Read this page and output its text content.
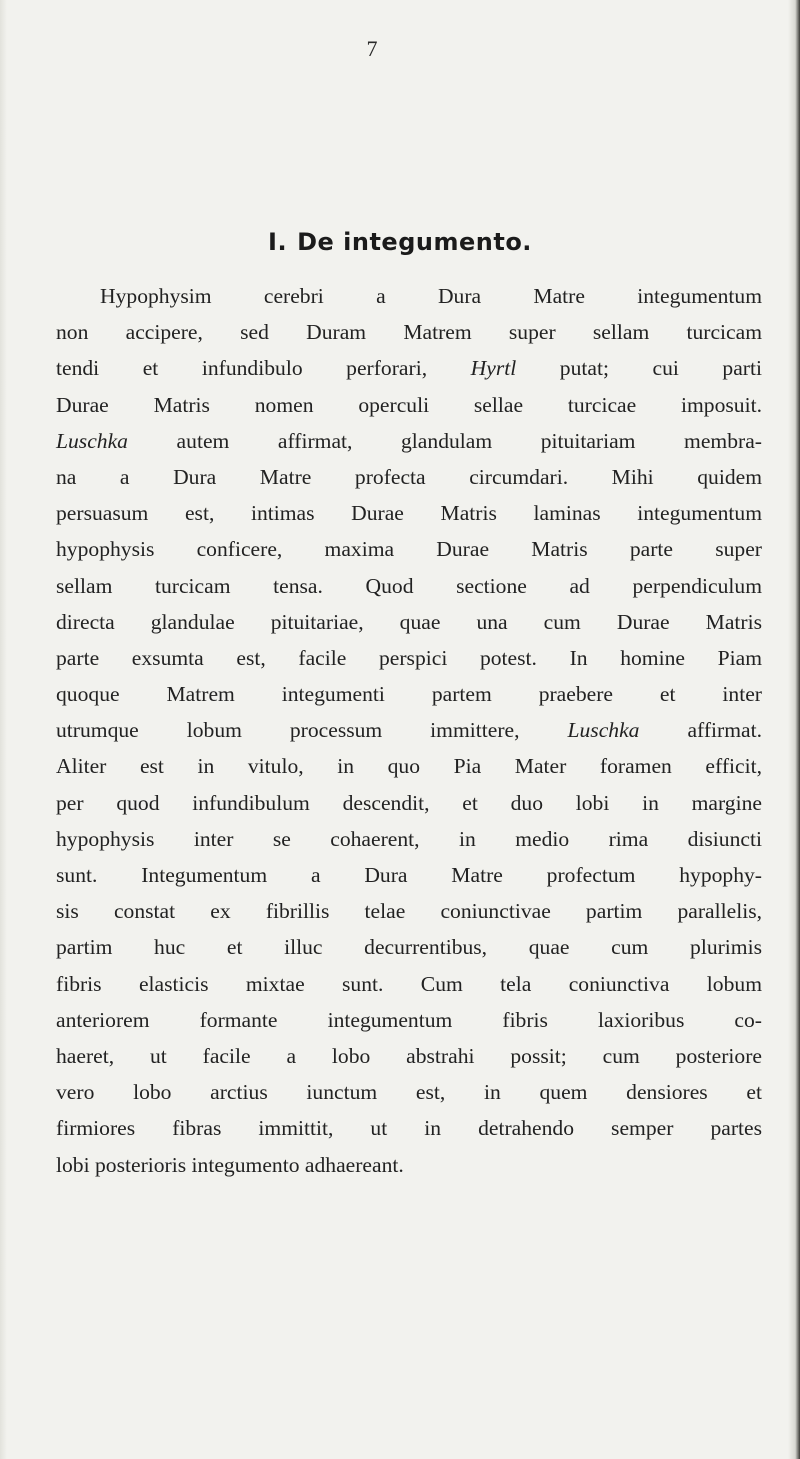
7
I. De integumento.
Hypophysim cerebri a Dura Matre integumentum
non accipere, sed Duram Matrem super sellam turcicam
tendi et infundibulo perforari, Hyrtl putat; cui parti
Durae Matris nomen operculi sellae turcicae imposuit.
Luschka autem affirmat, glandulam pituitariam membra-
na a Dura Matre profecta circumdari. Mihi quidem
persuasum est, intimas Durae Matris laminas integumentum
hypophysis conficere, maxima Durae Matris parte super
sellam turcicam tensa. Quod sectione ad perpendiculum
directa glandulae pituitariae, quae una cum Durae Matris
parte exsumta est, facile perspici potest. In homine Piam
quoque Matrem integumenti partem praebere et inter
utrumque lobum processum immittere, Luschka affirmat.
Aliter est in vitulo, in quo Pia Mater foramen efficit,
per quod infundibulum descendit, et duo lobi in margine
hypophysis inter se cohaerent, in medio rima disiuncti
sunt. Integumentum a Dura Matre profectum hypophy-
sis constat ex fibrillis telae coniunctivae partim parallelis,
partim huc et illuc decurrentibus, quae cum plurimis
fibris elasticis mixtae sunt. Cum tela coniunctiva lobum
anteriorem formante integumentum fibris laxioribus co-
haeret, ut facile a lobo abstrahi possit; cum posteriore
vero lobo arctius iunctum est, in quem densiores et
firmiores fibras immittit, ut in detrahendo semper partes
lobi posterioris integumento adhaereant.
